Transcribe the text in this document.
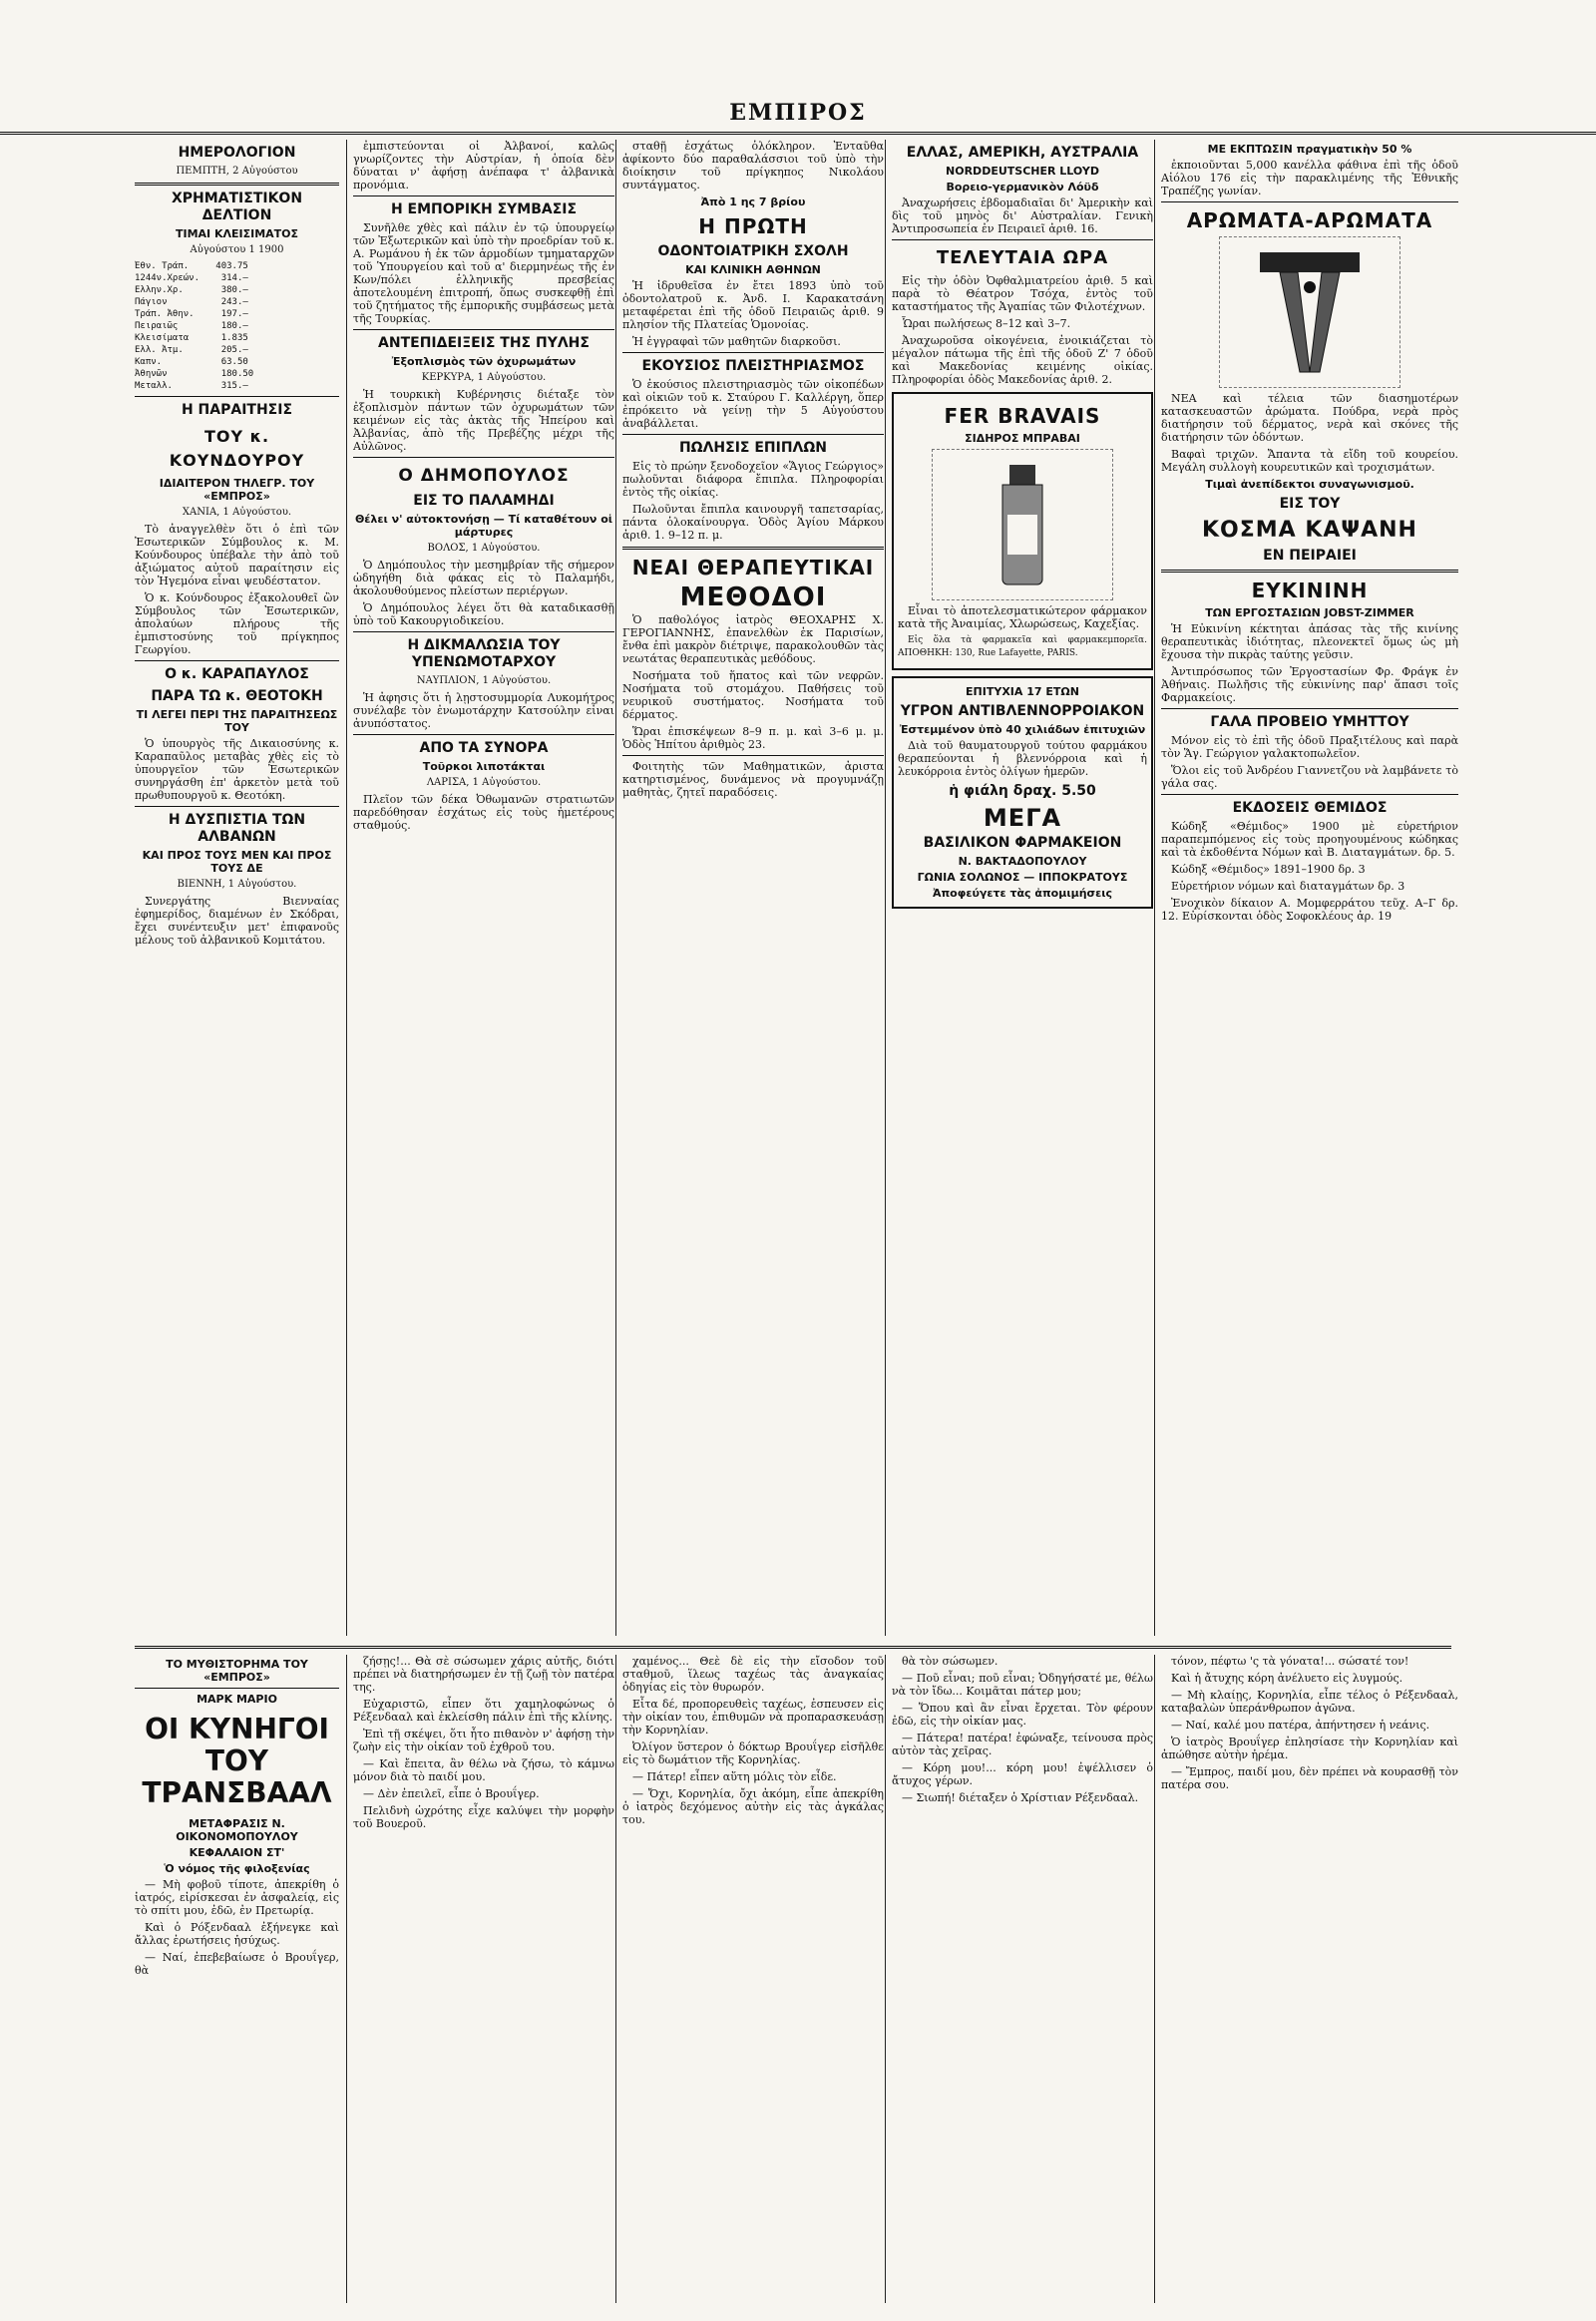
ΕΜΠΙΡΟΣ
ΗΜΕΡΟΛΟΓΙΟΝ
ΠΕΜΠΤΗ, 2 Αὐγούστου
ΧΡΗΜΑΤΙΣΤΙΚΟΝ ΔΕΛΤΙΟΝ
ΤΙΜΑΙ ΚΛΕΙΣΙΜΑΤΟΣ
Αὐγούστου 1 1900
Ἐθν. Τράπ.     403.75
1244ν.Χρεών.    314.—
Ελλην.Χρ.       380.—
Πάγιον          243.—
Τράπ. Ἀθην.     197.—
Πειραιῶς        180.—
Κλεισίματα      1.835
Ελλ. Ἀτμ.       205.—
Καπν.           63.50
Ἀθηνῶν          180.50
Μεταλλ.         315.—
Η ΠΑΡΑΙΤΗΣΙΣ
ΤΟΥ κ. ΚΟΥΝΔΟΥΡΟΥ
ΙΔΙΑΙΤΕΡΟΝ ΤΗΛΕΓΡ. ΤΟΥ «ΕΜΠΡΟΣ»
ΧΑΝΙΑ, 1 Αὐγούστου.

Τὸ ἀναγγελθὲν ὅτι ὁ ἐπὶ τῶν Ἐσωτερικῶν Σύμβουλος κ. Μ. Κούνδουρος ὑπέβαλε τὴν ἀπὸ τοῦ ἀξιώματος αὐτοῦ παραίτησιν εἰς τὸν Ἡγεμόνα εἶναι ψευδέστατον.

Ὁ κ. Κούνδουρος ἐξακολουθεῖ ὢν Σύμβουλος τῶν Ἐσωτερικῶν, ἀπολαύων πλήρους τῆς ἐμπιστοσύνης τοῦ πρίγκηπος Γεωργίου.

Ο κ. ΚΑΡΑΠΑΥΛΟΣ
ΠΑΡΑ ΤΩ κ. ΘΕΟΤΟΚΗ
ΤΙ ΛΕΓΕΙ ΠΕΡΙ ΤΗΣ ΠΑΡΑΙΤΗΣΕΩΣ ΤΟΥ

Ὁ ὑπουργὸς τῆς Δικαιοσύνης κ. Καραπαῦλος μεταβὰς χθὲς εἰς τὸ ὑπουργεῖον τῶν Ἐσωτερικῶν συνηργάσθη ἐπ' ἀρκετὸν μετὰ τοῦ πρωθυπουργοῦ κ. Θεοτόκη.

Η ΔΥΣΠΙΣΤΙΑ ΤΩΝ ΑΛΒΑΝΩΝ
ΚΑΙ ΠΡΟΣ ΤΟΥΣ ΜΕΝ ΚΑΙ ΠΡΟΣ ΤΟΥΣ ΔΕ
ΒΙΕΝΝΗ, 1 Αὐγούστου.

Συνεργάτης Βιενναίας ἐφημερίδος, διαμένων ἐν Σκόδραι, ἔχει συνέντευξιν μετ' ἐπιφανοῦς μέλους τοῦ ἀλβανικοῦ Κομιτάτου.

ἐμπιστεύονται οἱ Ἀλβανοί, καλῶς γνωρίζοντες τὴν Αὐστρίαν, ἡ ὁποία δὲν δύναται ν' ἀφήσῃ ἀνέπαφα τ' ἀλβανικὰ προνόμια.

Η ΕΜΠΟΡΙΚΗ ΣΥΜΒΑΣΙΣ

Συνῆλθε χθὲς καὶ πάλιν ἐν τῷ ὑπουργείῳ τῶν Ἐξωτερικῶν καὶ ὑπὸ τὴν προεδρίαν τοῦ κ. Α. Ρωμάνου ἡ ἐκ τῶν ἁρμοδίων τμηματαρχῶν τοῦ Ὑπουργείου καὶ τοῦ α' διερμηνέως τῆς ἐν Κων/πόλει ἑλληνικῆς πρεσβείας ἀποτελουμένη ἐπιτροπή, ὅπως συσκεφθῇ ἐπὶ τοῦ ζητήματος τῆς ἐμπορικῆς συμβάσεως μετὰ τῆς Τουρκίας.

ΑΝΤΕΠΙΔΕΙΞΕΙΣ ΤΗΣ ΠΥΛΗΣ
Ἐξοπλισμὸς τῶν ὀχυρωμάτων
ΚΕΡΚΥΡΑ, 1 Αὐγούστου.

Ἡ τουρκικὴ Κυβέρνησις διέταξε τὸν ἐξοπλισμὸν πάντων τῶν ὀχυρωμάτων τῶν κειμένων εἰς τὰς ἀκτὰς τῆς Ἠπείρου καὶ Ἀλβανίας, ἀπὸ τῆς Πρεβέζης μέχρι τῆς Αὐλῶνος.

Ο ΔΗΜΟΠΟΥΛΟΣ
ΕΙΣ ΤΟ ΠΑΛΑΜΗΔΙ
Θέλει ν' αὐτοκτονήσῃ — Τί καταθέτουν οἱ μάρτυρες
ΒΟΛΟΣ, 1 Αὐγούστου.

Ὁ Δημόπουλος τὴν μεσημβρίαν τῆς σήμερον ὠδηγήθη διὰ φάκας εἰς τὸ Παλαμήδι, ἀκολουθούμενος πλείστων περιέργων.

Ὁ Δημόπουλος λέγει ὅτι θὰ καταδικασθῇ ὑπὸ τοῦ Κακουργιοδικείου.

Η ΔΙΚΜΑΛΩΣΙΑ ΤΟΥ ΥΠΕΝΩΜΟΤΑΡΧΟΥ
ΝΑΥΠΛΙΟΝ, 1 Αὐγούστου.

Ἡ ἀφησις ὅτι ἡ λῃστοσυμμορία Λυκομήτρος συνέλαβε τὸν ἐνωμοτάρχην Κατσούλην εἶναι ἀνυπόστατος.

ΑΠΟ ΤΑ ΣΥΝΟΡΑ
Τοῦρκοι λιποτάκται
ΛΑΡΙΣΑ, 1 Αὐγούστου.

Πλεῖον τῶν δέκα Ὀθωμανῶν στρατιωτῶν παρεδόθησαν ἐσχάτως εἰς τοὺς ἡμετέρους σταθμούς.

σταθῇ ἐσχάτως ὁλόκληρον. Ἐνταῦθα ἀφίκοντο δύο παραθαλάσσιοι τοῦ ὑπὸ τὴν διοίκησιν τοῦ πρίγκηπος Νικολάου συντάγματος.

Ἀπὸ 1 ης 7 βρίου
Η ΠΡΩΤΗ
ΟΔΟΝΤΟΙΑΤΡΙΚΗ ΣΧΟΛΗ
ΚΑΙ ΚΛΙΝΙΚΗ ΑΘΗΝΩΝ

Ἡ ἱδρυθεῖσα ἐν ἔτει 1893 ὑπὸ τοῦ ὀδοντολατροῦ κ. Ἀνδ. Ι. Καρακατσάνη μεταφέρεται ἐπὶ τῆς ὁδοῦ Πειραιῶς ἀριθ. 9 πλησίον τῆς Πλατείας Ὁμονοίας.

Ἡ ἐγγραφαὶ τῶν μαθητῶν διαρκοῦσι.

ΕΚΟΥΣΙΟΣ ΠΛΕΙΣΤΗΡΙΑΣΜΟΣ

Ὁ ἐκούσιος πλειστηριασμὸς τῶν οἰκοπέδων καὶ οἰκιῶν τοῦ κ. Σταύρου Γ. Καλλέργη, ὅπερ ἐπρόκειτο νὰ γείνῃ τὴν 5 Αὐγούστου ἀναβάλλεται.

ΠΩΛΗΣΙΣ ΕΠΙΠΛΩΝ

Εἰς τὸ πρώην ξενοδοχεῖον «Ἅγιος Γεώργιος» πωλοῦνται διάφορα ἔπιπλα. Πληροφορίαι ἐντὸς τῆς οἰκίας.

Πωλοῦνται ἔπιπλα καινουργῆ ταπετσαρίας, πάντα ὁλοκαίνουργα. Ὁδὸς Ἁγίου Μάρκου ἀριθ. 1. 9–12 π. μ.

ΝΕΑΙ ΘΕΡΑΠΕΥΤΙΚΑΙ
ΜΕΘΟΔΟΙ

Ὁ παθολόγος ἰατρὸς ΘΕΟΧΑΡΗΣ Χ. ΓΕΡΟΓΙΑΝΝΗΣ, ἐπανελθὼν ἐκ Παρισίων, ἔνθα ἐπὶ μακρὸν διέτριψε, παρακολουθῶν τὰς νεωτάτας θεραπευτικὰς μεθόδους.

Νοσήματα τοῦ ἥπατος καὶ τῶν νεφρῶν. Νοσήματα τοῦ στομάχου. Παθήσεις τοῦ νευρικοῦ συστήματος. Νοσήματα τοῦ δέρματος.

Ὥραι ἐπισκέψεων 8–9 π. μ. καὶ 3–6 μ. μ. Ὁδὸς Ἡπίτου ἀριθμὸς 23.

Φοιτητὴς τῶν Μαθηματικῶν, ἀριστα κατηρτισμένος, δυνάμενος νὰ προγυμνάζῃ μαθητὰς, ζητεῖ παραδόσεις.

ΕΛΛΑΣ, ΑΜΕΡΙΚΗ, ΑΥΣΤΡΑΛΙΑ
NORDDEUTSCHER LLOYD
Βορειο-γερμανικὸν Λόϋδ

Ἀναχωρήσεις ἑβδομαδιαῖαι δι' Ἀμερικὴν καὶ δὶς τοῦ μηνὸς δι' Αὐστραλίαν. Γενικὴ Ἀντιπροσωπεία ἐν Πειραιεῖ ἀριθ. 16.

ΤΕΛΕΥΤΑΙΑ ΩΡΑ

Εἰς τὴν ὁδὸν Ὀφθαλμιατρείου ἀριθ. 5 καὶ παρὰ τὸ Θέατρον Τσόχα, ἐντὸς τοῦ καταστήματος τῆς Ἀγαπίας τῶν Φιλοτέχνων.

Ὧραι πωλήσεως 8–12 καὶ 3–7.

Ἀναχωροῦσα οἰκογένεια, ἐνοικιάζεται τὸ μέγαλον πάτωμα τῆς ἐπὶ τῆς ὁδοῦ Ζ' 7 ὁδοῦ καὶ Μακεδονίας κειμένης οἰκίας. Πληροφορίαι ὁδὸς Μακεδονίας ἀριθ. 2.

FER BRAVAIS
ΣΙΔΗΡΟΣ ΜΠΡΑΒΑΙ

Εἶναι τὸ ἀποτελεσματικώτερον φάρμακον κατὰ τῆς Ἀναιμίας, Χλωρώσεως, Καχεξίας.

Εἰς ὅλα τὰ φαρμακεῖα καὶ φαρμακεμπορεῖα. ΑΠΟΘΗΚΗ: 130, Rue Lafayette, PARIS.

ΕΠΙΤΥΧΙΑ 17 ΕΤΩΝ
ΥΓΡΟΝ ΑΝΤΙΒΛΕΝΝΟΡΡΟΙΑΚΟΝ
Ἐστεμμένον ὑπὸ 40 χιλιάδων ἐπιτυχιῶν

Διὰ τοῦ θαυματουργοῦ τούτου φαρμάκου θεραπεύονται ἡ βλεννόρροια καὶ ἡ λευκόρροια ἐντὸς ὀλίγων ἡμερῶν.

ἡ φιάλη δραχ. 5.50
ΜΕΓΑ
ΒΑΣΙΛΙΚΟΝ ΦΑΡΜΑΚΕΙΟΝ
Ν. ΒΑΚΤΑΔΟΠΟΥΛΟΥ
ΓΩΝΙΑ ΣΟΛΩΝΟΣ — ΙΠΠΟΚΡΑΤΟΥΣ
Ἀποφεύγετε τὰς ἀπομιμήσεις
ΜΕ ΕΚΠΤΩΣΙΝ πραγματικὴν 50 %

ἐκποιοῦνται 5,000 κανέλλα φάθινα ἐπὶ τῆς ὁδοῦ Αἰόλου 176 εἰς τὴν παρακλιμένης τῆς Ἐθνικῆς Τραπέζης γωνίαν.

ΑΡΩΜΑΤΑ-ΑΡΩΜΑΤΑ

ΝΕΑ καὶ τέλεια τῶν διασημοτέρων κατασκευαστῶν ἀρώματα. Πούδρα, νερὰ πρὸς διατήρησιν τοῦ δέρματος, νερὰ καὶ σκόνες τῆς διατήρησιν τῶν ὀδόντων.

Βαφαὶ τριχῶν. Ἄπαντα τὰ εἴδη τοῦ κουρείου. Μεγάλη συλλογὴ κουρευτικῶν καὶ τροχισμάτων.

Τιμαὶ ἀνεπίδεκτοι συναγωνισμοῦ.
ΕΙΣ ΤΟΥ
ΚΟΣΜΑ ΚΑΨΑΝΗ
ΕΝ ΠΕΙΡΑΙΕΙ
ΕΥΚΙΝΙΝΗ
ΤΩΝ ΕΡΓΟΣΤΑΣΙΩΝ JOBST-ZIMMER

Ἡ Εὐκινίνη κέκτηται ἁπάσας τὰς τῆς κινίνης θεραπευτικὰς ἰδιότητας, πλεονεκτεῖ ὅμως ὡς μὴ ἔχουσα τὴν πικρὰς ταύτης γεῦσιν.

Ἀντιπρόσωπος τῶν Ἐργοστασίων Φρ. Φράγκ ἐν Ἀθήναις. Πωλῆσις τῆς εὐκινίνης παρ' ἅπασι τοῖς Φαρμακείοις.

ΓΑΛΑ ΠΡΟΒΕΙΟ ΥΜΗΤΤΟΥ

Μόνον εἰς τὸ ἐπὶ τῆς ὁδοῦ Πραξιτέλους καὶ παρὰ τὸν Ἅγ. Γεώργιον γαλακτοπωλεῖον.

Ὅλοι εἰς τοῦ Ἀνδρέου Γιαννετζου νὰ λαμβάνετε τὸ γάλα σας.

ΕΚΔΟΣΕΙΣ ΘΕΜΙΔΟΣ

Κώδηξ «Θέμιδος» 1900 μὲ εὑρετήριον παραπεμπόμενος εἰς τοὺς προηγουμένους κώδηκας καὶ τὰ ἐκδοθέντα Νόμων καὶ Β. Διαταγμάτων. δρ. 5.

Κώδηξ «Θέμιδος» 1891–1900 δρ. 3

Εὑρετήριον νόμων καὶ διαταγμάτων δρ. 3

Ἐνοχικὸν δίκαιον Α. Μομφερράτου τεῦχ. Α–Γ δρ. 12. Εὑρίσκονται ὁδὸς Σοφοκλέους ἀρ. 19

ΤΟ ΜΥΘΙΣΤΟΡΗΜΑ ΤΟΥ «ΕΜΠΡΟΣ»
ΜΑΡΚ ΜΑΡΙΟ
ΟΙ ΚΥΝΗΓΟΙ ΤΟΥ ΤΡΑΝΣΒΑΑΛ
ΜΕΤΑΦΡΑΣΙΣ Ν. ΟΙΚΟΝΟΜΟΠΟΥΛΟΥ
ΚΕΦΑΛΑΙΟΝ ΣΤ'
Ὁ νόμος τῆς φιλοξενίας

— Μὴ φοβοῦ τίποτε, ἀπεκρίθη ὁ ἰατρός, εἰρίσκεσαι ἐν ἀσφαλείᾳ, εἰς τὸ σπίτι μου, ἐδῶ, ἐν Πρετωρίᾳ.

Καὶ ὁ Ρόξενδααλ ἐξήνεγκε καὶ ἄλλας ἐρωτήσεις ἡσύχως.

— Ναί, ἐπεβεβαίωσε ὁ Βρουΐγερ, θὰ

ζήσῃς!... Θὰ σὲ σώσωμεν χάρις αὐτῆς, διότι πρέπει νὰ διατηρήσωμεν ἐν τῇ ζωῇ τὸν πατέρα της.

Εὐχαριστῶ, εἶπεν ὅτι χαμηλοφώνως ὁ Ρέξενδααλ καὶ ἐκλείσθη πάλιν ἐπὶ τῆς κλίνης.

Ἐπὶ τῇ σκέψει, ὅτι ἦτο πιθανὸν ν' ἀφήσῃ τὴν ζωὴν εἰς τὴν οἰκίαν τοῦ ἐχθροῦ του.

— Καὶ ἔπειτα, ἂν θέλω νὰ ζήσω, τὸ κάμνω μόνον διὰ τὸ παιδί μου.

— Δὲν ἐπειλεῖ, εἶπε ὁ Βρουΐγερ.

Πελιδνὴ ὠχρότης εἶχε καλύψει τὴν μορφὴν τοῦ Βουεροῦ.

χαμένος... Θεὲ δὲ εἰς τὴν εἴσοδον τοῦ σταθμοῦ, ἵλεως ταχέως τὰς ἀναγκαίας ὁδηγίας εἰς τὸν θυρωρόν.

Εἶτα δέ, προπορευθεὶς ταχέως, ἐσπευσεν εἰς τὴν οἰκίαν του, ἐπιθυμῶν νὰ προπαρασκευάσῃ τὴν Κορνηλίαν.

Ὀλίγον ὕστερον ὁ δόκτωρ Βρουΐγερ εἰσῆλθε εἰς τὸ δωμάτιον τῆς Κορνηλίας.

— Πάτερ! εἶπεν αὕτη μόλις τὸν εἶδε.

— Ὄχι, Κορνηλία, ὄχι ἀκόμη, εἶπε ἀπεκρίθη ὁ ἰατρὸς δεχόμενος αὐτὴν εἰς τὰς ἀγκάλας του.

θὰ τὸν σώσωμεν.

— Ποῦ εἶναι; ποῦ εἶναι; Ὁδηγήσατέ με, θέλω νὰ τὸν ἴδω... Κοιμᾶται πάτερ μου;

— Ὅπου καὶ ἂν εἶναι ἔρχεται. Τὸν φέρουν ἐδῶ, εἰς τὴν οἰκίαν μας.

— Πάτερα! πατέρα! ἐφώναξε, τείνουσα πρὸς αὐτὸν τὰς χεῖρας.

— Κόρη μου!... κόρη μου! ἐψέλλισεν ὁ ἄτυχος γέρων.

— Σιωπή! διέταξεν ὁ Χρίστιαν Ρέξενδααλ.

τόνον, πέφτω 'ς τὰ γόνατα!... σώσατέ τον!

Καὶ ἡ ἄτυχης κόρη ἀνέλυετο εἰς λυγμούς.

— Μὴ κλαίῃς, Κορνηλία, εἶπε τέλος ὁ Ρέξενδααλ, καταβαλὼν ὑπεράνθρωπον ἀγῶνα.

— Ναί, καλέ μου πατέρα, ἀπήντησεν ἡ νεάνις.

Ὁ ἰατρὸς Βρουΐγερ ἐπλησίασε τὴν Κορνηλίαν καὶ ἀπώθησε αὐτὴν ἠρέμα.

— Ἔμπρος, παιδί μου, δὲν πρέπει νὰ κουρασθῇ τὸν πατέρα σου.
